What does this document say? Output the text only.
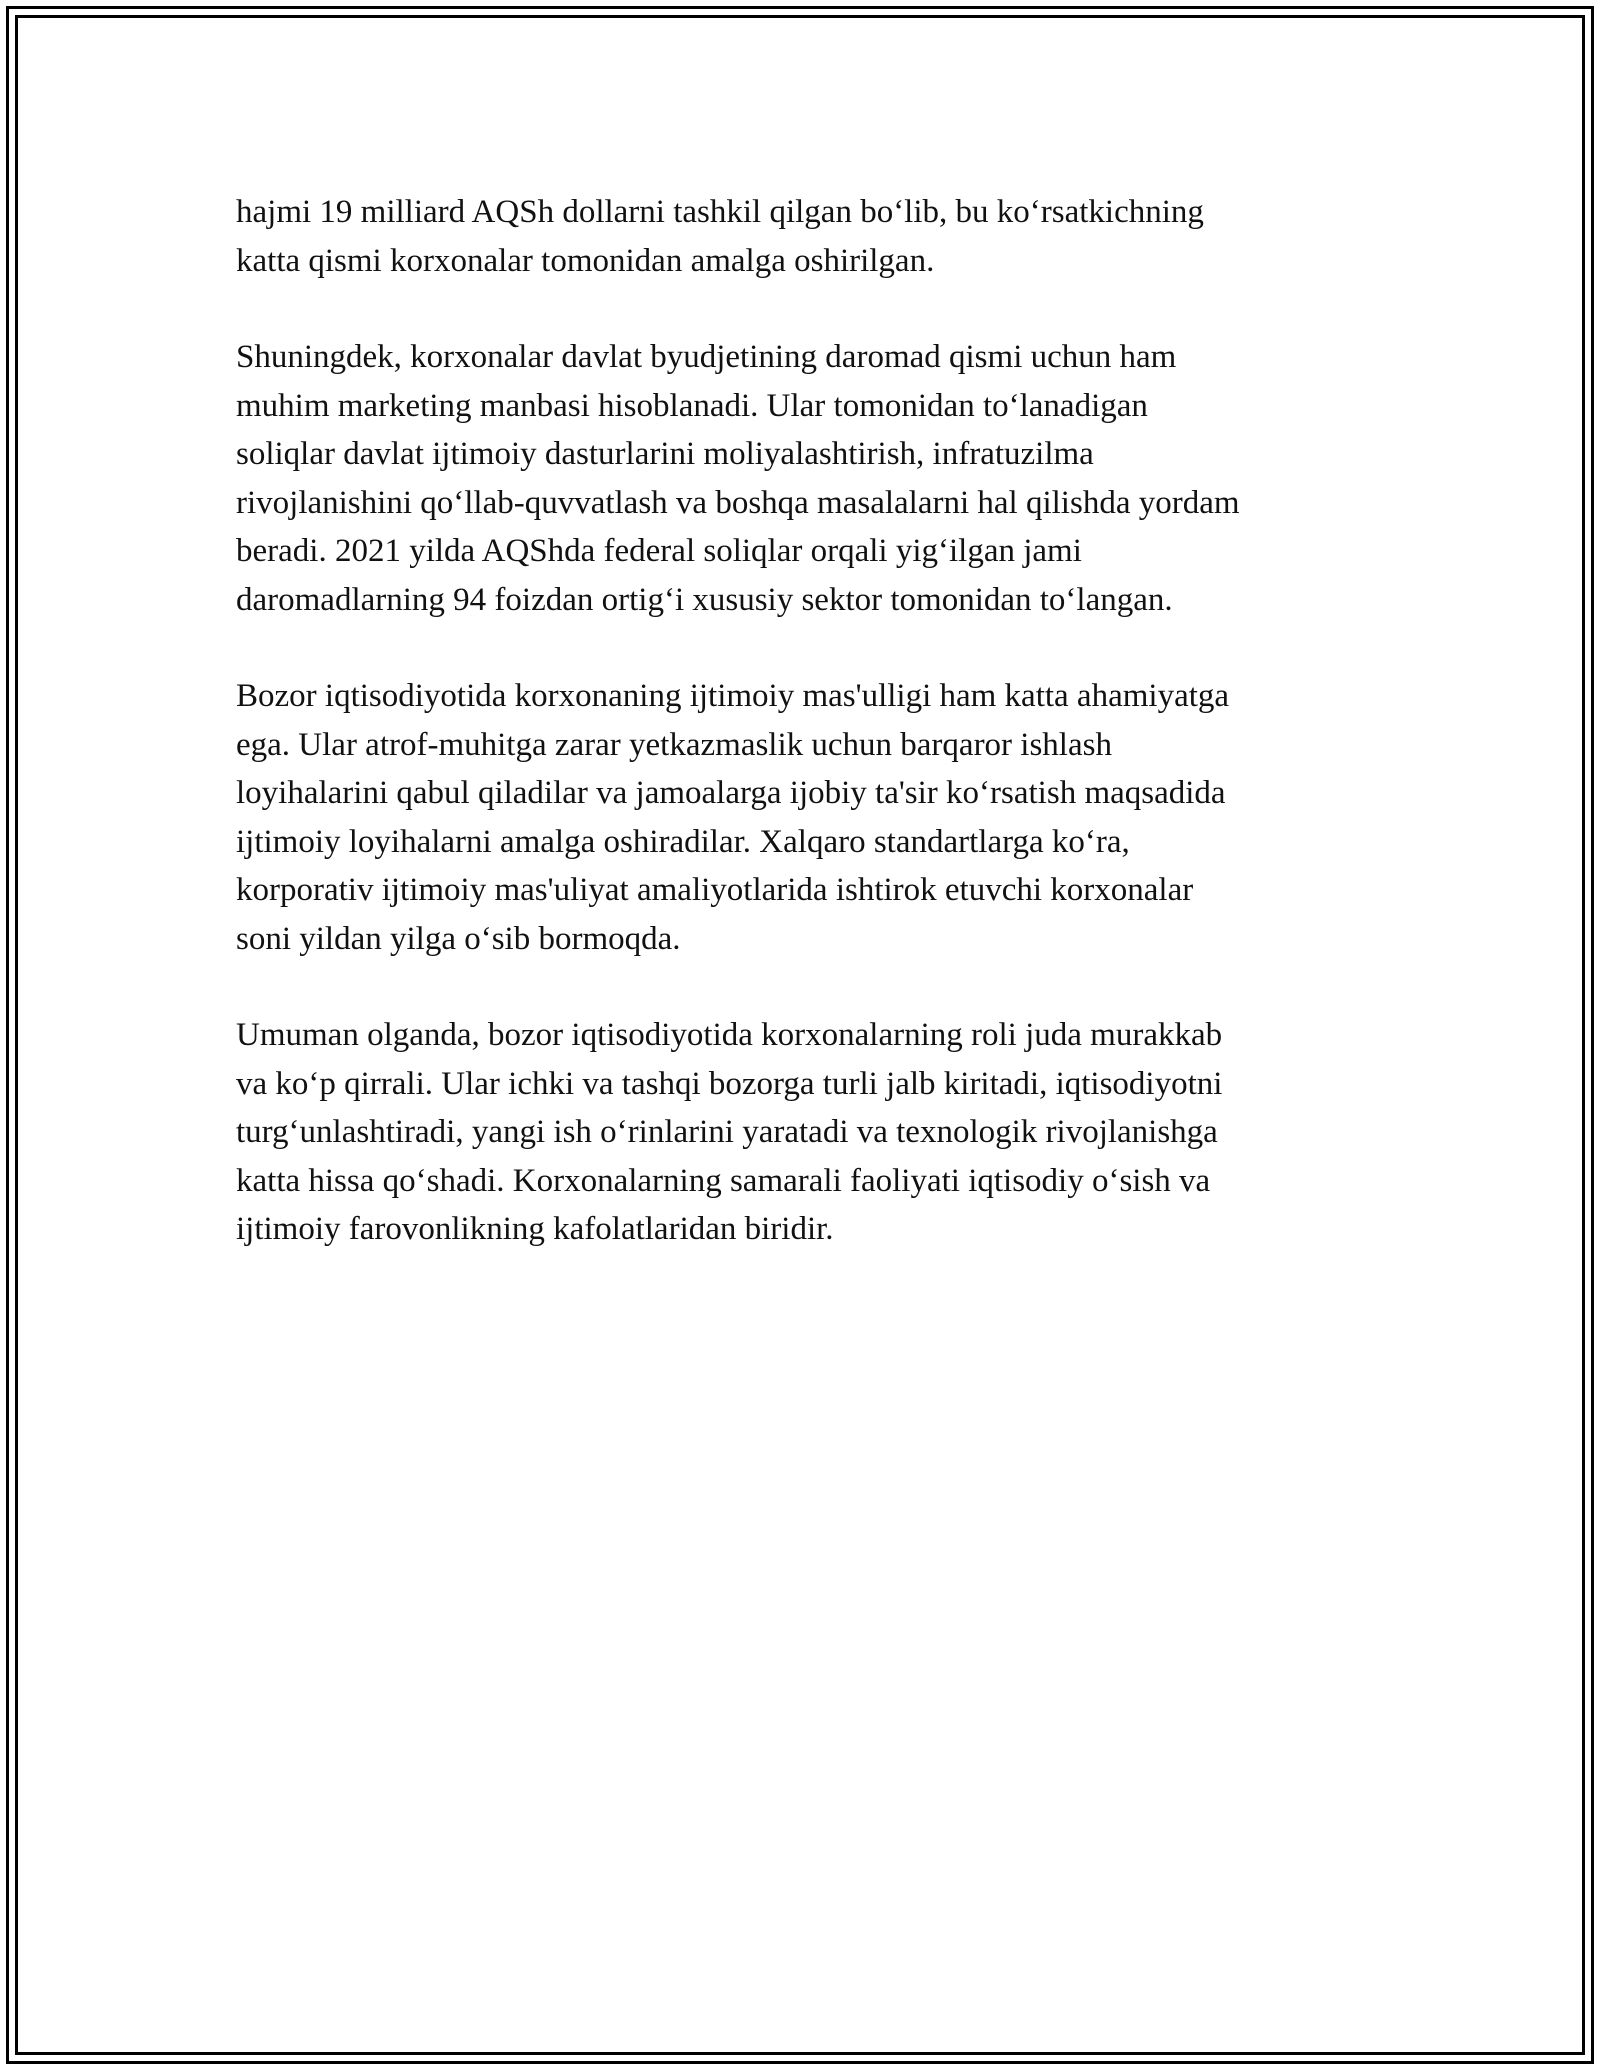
hajmi 19 milliard AQSh dollarni tashkil qilgan bo‘lib, bu ko‘rsatkichning
katta qismi korxonalar tomonidan amalga oshirilgan.

Shuningdek, korxonalar davlat byudjetining daromad qismi uchun ham
muhim marketing manbasi hisoblanadi. Ular tomonidan to‘lanadigan
soliqlar davlat ijtimoiy dasturlarini moliyalashtirish, infratuzilma
rivojlanishini qo‘llab-quvvatlash va boshqa masalalarni hal qilishda yordam
beradi. 2021 yilda AQShda federal soliqlar orqali yig‘ilgan jami
daromadlarning 94 foizdan ortig‘i xususiy sektor tomonidan to‘langan.

Bozor iqtisodiyotida korxonaning ijtimoiy mas'ulligi ham katta ahamiyatga
ega. Ular atrof-muhitga zarar yetkazmaslik uchun barqaror ishlash
loyihalarini qabul qiladilar va jamoalarga ijobiy ta'sir ko‘rsatish maqsadida
ijtimoiy loyihalarni amalga oshiradilar. Xalqaro standartlarga ko‘ra,
korporativ ijtimoiy mas'uliyat amaliyotlarida ishtirok etuvchi korxonalar
soni yildan yilga o‘sib bormoqda.

Umuman olganda, bozor iqtisodiyotida korxonalarning roli juda murakkab
va ko‘p qirrali. Ular ichki va tashqi bozorga turli jalb kiritadi, iqtisodiyotni
turg‘unlashtiradi, yangi ish o‘rinlarini yaratadi va texnologik rivojlanishga
katta hissa qo‘shadi. Korxonalarning samarali faoliyati iqtisodiy o‘sish va
ijtimoiy farovonlikning kafolatlaridan biridir.
